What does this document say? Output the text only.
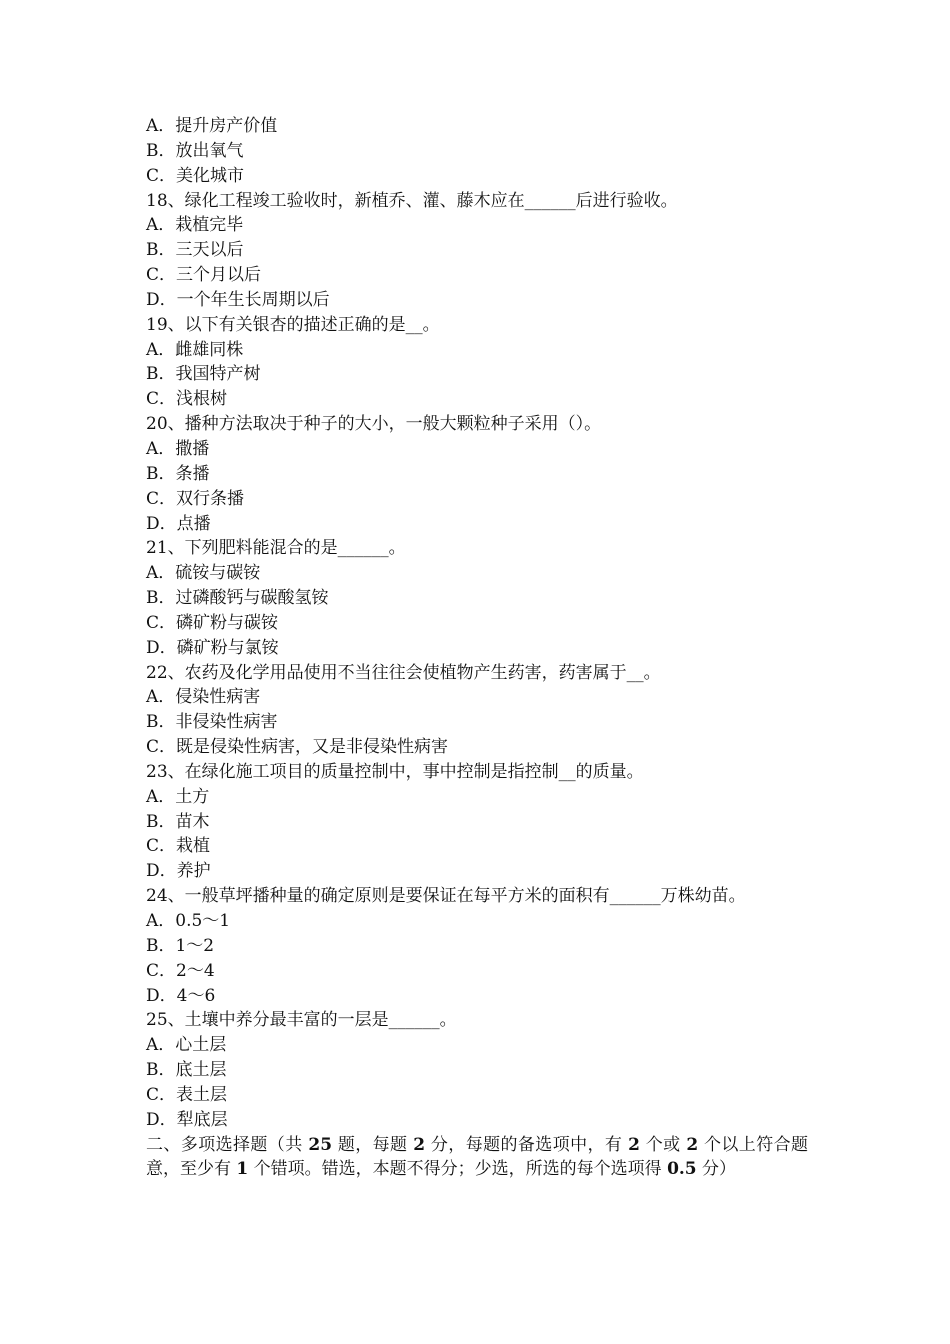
A．提升房产价值
B．放出氧气
C．美化城市
18、绿化工程竣工验收时，新植乔、灌、藤木应在______后进行验收。
A．栽植完毕
B．三天以后
C．三个月以后
D．一个年生长周期以后
19、以下有关银杏的描述正确的是__。
A．雌雄同株
B．我国特产树
C．浅根树
20、播种方法取决于种子的大小，一般大颗粒种子采用（）。
A．撒播
B．条播
C．双行条播
D．点播
21、下列肥料能混合的是______。
A．硫铵与碳铵
B．过磷酸钙与碳酸氢铵
C．磷矿粉与碳铵
D．磷矿粉与氯铵
22、农药及化学用品使用不当往往会使植物产生药害，药害属于__。
A．侵染性病害
B．非侵染性病害
C．既是侵染性病害，又是非侵染性病害
23、在绿化施工项目的质量控制中，事中控制是指控制__的质量。
A．土方
B．苗木
C．栽植
D．养护
24、一般草坪播种量的确定原则是要保证在每平方米的面积有______万株幼苗。
A．0.5～1
B．1～2
C．2～4
D．4～6
25、土壤中养分最丰富的一层是______。
A．心土层
B．底土层
C．表土层
D．犁底层
二、多项选择题（共 25 题，每题 2 分，每题的备选项中，有 2 个或 2 个以上符合题意，至少有 1 个错项。错选，本题不得分；少选，所选的每个选项得 0.5 分）
